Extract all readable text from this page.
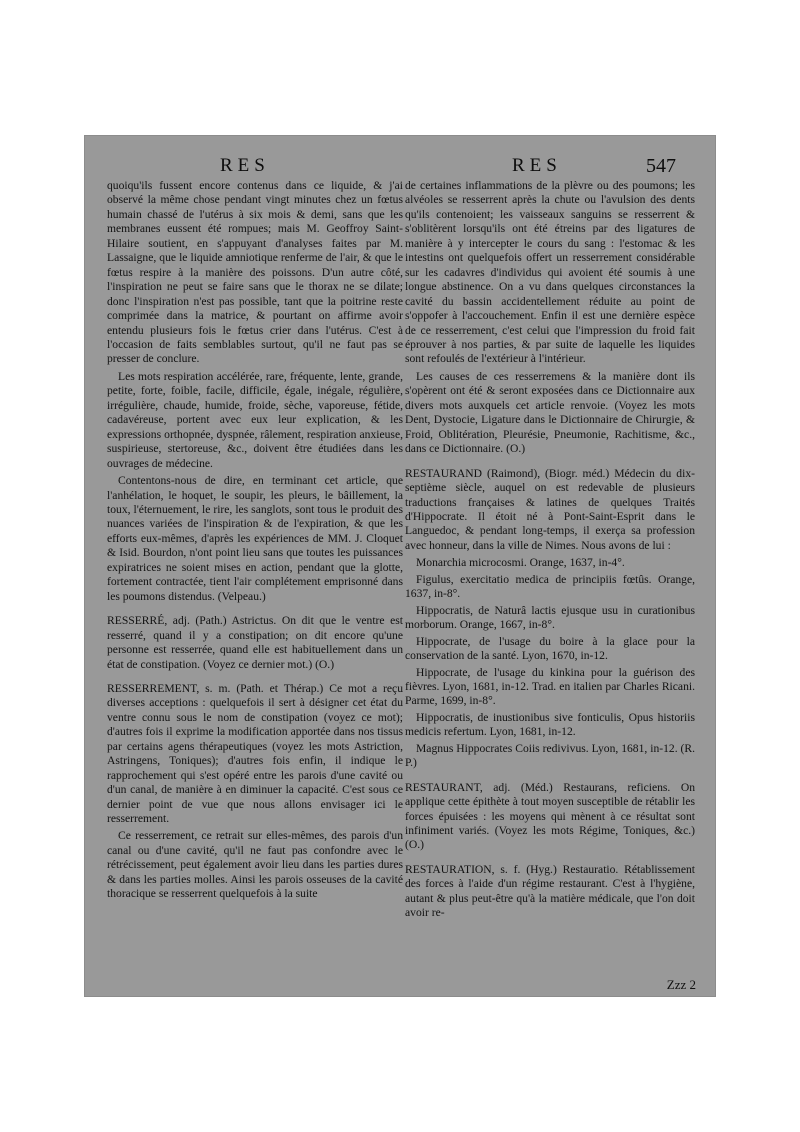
RES	RES	547

quoiqu'ils fussent encore contenus dans ce liquide, & j'ai observé la même chose pendant vingt minutes chez un fœtus humain chassé de l'utérus à six mois & demi, sans que les membranes eussent été rompues; mais M. Geoffroy Saint-Hilaire soutient, en s'appuyant d'analyses faites par M. Lassaigne, que le liquide amniotique renferme de l'air, & que le fœtus respire à la manière des poissons. D'un autre côté, l'inspiration ne peut se faire sans que le thorax ne se dilate; donc l'inspiration n'est pas possible, tant que la poitrine reste comprimée dans la matrice, & pourtant on affirme avoir entendu plusieurs fois le fœtus crier dans l'utérus. C'est à l'occasion de faits semblables surtout, qu'il ne faut pas se presser de conclure.

Les mots respiration accélérée, rare, fréquente, lente, grande, petite, forte, foible, facile, difficile, égale, inégale, régulière, irrégulière, chaude, humide, froide, sèche, vaporeuse, fétide, cadavéreuse, portent avec eux leur explication, & les expressions orthopnée, dyspnée, râlement, respiration anxieuse, suspirieuse, stertoreuse, &c., doivent être étudiées dans les ouvrages de médecine.

Contentons-nous de dire, en terminant cet article, que l'anhélation, le hoquet, le soupir, les pleurs, le bâillement, la toux, l'éternuement, le rire, les sanglots, sont tous le produit des nuances variées de l'inspiration & de l'expiration, & que les efforts eux-mêmes, d'après les expériences de MM. J. Cloquet & Isid. Bourdon, n'ont point lieu sans que toutes les puissances expiratrices ne soient mises en action, pendant que la glotte, fortement contractée, tient l'air complétement emprisonné dans les poumons distendus. (Velpeau.)

RESSERRÉ, adj. (Path.) Astrictus. On dit que le ventre est resserré, quand il y a constipation; on dit encore qu'une personne est resserrée, quand elle est habituellement dans un état de constipation. (Voyez ce dernier mot.) (O.)

RESSERREMENT, s. m. (Path. et Thérap.) Ce mot a reçu diverses acceptions : quelquefois il sert à désigner cet état du ventre connu sous le nom de constipation (voyez ce mot); d'autres fois il exprime la modification apportée dans nos tissus par certains agens thérapeutiques (voyez les mots Astriction, Astringens, Toniques); d'autres fois enfin, il indique le rapprochement qui s'est opéré entre les parois d'une cavité ou d'un canal, de manière à en diminuer la capacité. C'est sous ce dernier point de vue que nous allons envisager ici le resserrement.

Ce resserrement, ce retrait sur elles-mêmes, des parois d'un canal ou d'une cavité, qu'il ne faut pas confondre avec le rétrécissement, peut également avoir lieu dans les parties dures & dans les parties molles. Ainsi les parois osseuses de la cavité thoracique se resserrent quelquefois à la suite

de certaines inflammations de la plèvre ou des poumons; les alvéoles se resserrent après la chute ou l'avulsion des dents qu'ils contenoient; les vaisseaux sanguins se resserrent & s'oblitèrent lorsqu'ils ont été étreins par des ligatures de manière à y intercepter le cours du sang : l'estomac & les intestins ont quelquefois offert un resserrement considérable sur les cadavres d'individus qui avoient été soumis à une longue abstinence. On a vu dans quelques circonstances la cavité du bassin accidentellement réduite au point de s'oppofer à l'accouchement. Enfin il est une dernière espèce de ce resserrement, c'est celui que l'impression du froid fait éprouver à nos parties, & par suite de laquelle les liquides sont refoulés de l'extérieur à l'intérieur.

Les causes de ces resserremens & la manière dont ils s'opèrent ont été & seront exposées dans ce Dictionnaire aux divers mots auxquels cet article renvoie. (Voyez les mots Dent, Dystocie, Ligature dans le Dictionnaire de Chirurgie, & Froid, Oblitération, Pleurésie, Pneumonie, Rachitisme, &c., dans ce Dictionnaire. (O.)

RESTAURAND (Raimond), (Biogr. méd.) Médecin du dix-septième siècle, auquel on est redevable de plusieurs traductions françaises & latines de quelques Traités d'Hippocrate. Il étoit né à Pont-Saint-Esprit dans le Languedoc, & pendant long-temps, il exerça sa profession avec honneur, dans la ville de Nimes. Nous avons de lui :

Monarchia microcosmi. Orange, 1637, in-4°.

Figulus, exercitatio medica de principiis fœtûs. Orange, 1637, in-8°.

Hippocratis, de Naturâ lactis ejusque usu in curationibus morborum. Orange, 1667, in-8°.

Hippocrate, de l'usage du boire à la glace pour la conservation de la santé. Lyon, 1670, in-12.

Hippocrate, de l'usage du kinkina pour la guérison des fièvres. Lyon, 1681, in-12. Trad. en italien par Charles Ricani. Parme, 1699, in-8°.

Hippocratis, de inustionibus sive fonticulis, Opus historiis medicis refertum. Lyon, 1681, in-12.

Magnus Hippocrates Coiis redivivus. Lyon, 1681, in-12. (R. P.)

RESTAURANT, adj. (Méd.) Restaurans, reficiens. On applique cette épithète à tout moyen susceptible de rétablir les forces épuisées : les moyens qui mènent à ce résultat sont infiniment variés. (Voyez les mots Régime, Toniques, &c.) (O.)

RESTAURATION, s. f. (Hyg.) Restauratio. Rétablissement des forces à l'aide d'un régime restaurant. C'est à l'hygiène, autant & plus peut-être qu'à la matière médicale, que l'on doit avoir re-

Zzz 2
